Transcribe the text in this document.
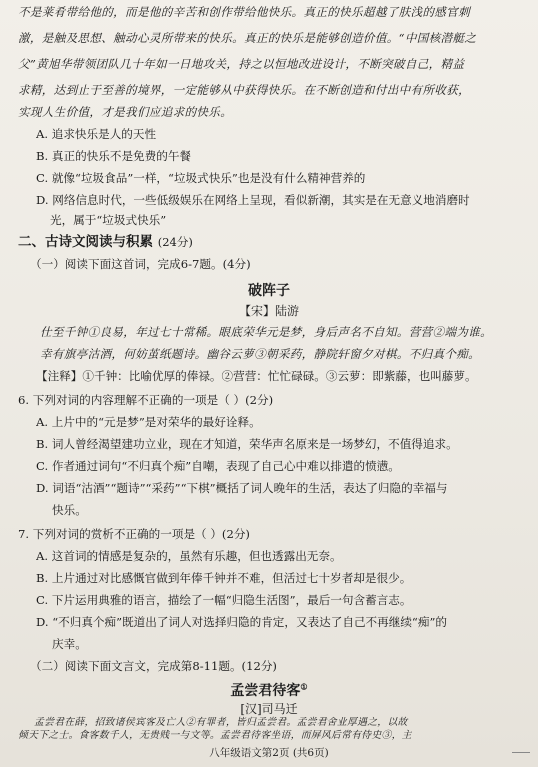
不是莱肴带给他的，而是他的辛苦和创作带给他快乐。真正的快乐超越了肤浅的感官刺
激，是触及思想、触动心灵所带来的快乐。真正的快乐是能够创造价值。“中国核潜艇之
父”黄旭华带领团队几十年如一日地攻关，持之以恒地改进设计，不断突破自己，精益
求精，达到止于至善的境界，一定能够从中获得快乐。在不断创造和付出中有所收获，
实现人生价值，才是我们应追求的快乐。
A. 追求快乐是人的天性
B. 真正的快乐不是免费的午餐
C. 就像“垃圾食品”一样，“垃圾式快乐”也是没有什么精神营养的
D. 网络信息时代，一些低级娱乐在网络上呈现，看似新潮，其实是在无意义地消磨时
光，属于“垃圾式快乐”
二、古诗文阅读与积累 (24分)
（一）阅读下面这首词，完成6-7题。(4分)
破阵子
【宋】陆游
仕至千钟①良易，年过七十常稀。眼底荣华元是梦，身后声名不自知。营营②端为谁。
幸有旗亭沽酒，何妨茧纸题诗。幽谷云萝③朝采药，静院轩窗夕对棋。不归真个痴。
【注释】①千钟：比喻优厚的俸禄。②营营：忙忙碌碌。③云萝：即紫藤，也叫藤萝。
6. 下列对词的内容理解不正确的一项是（ ）(2分)
A. 上片中的“元是梦”是对荣华的最好诠释。
B. 词人曾经渴望建功立业，现在才知道，荣华声名原来是一场梦幻，不值得追求。
C. 作者通过词句“不归真个痴”自嘲，表现了自己心中难以排遣的愤懑。
D. 词语“沽酒”“题诗”“采药”“下棋”概括了词人晚年的生活，表达了归隐的幸福与
快乐。
7. 下列对词的赏析不正确的一项是（ ）(2分)
A. 这首词的情感是复杂的，虽然有乐趣，但也透露出无奈。
B. 上片通过对比感慨官做到年俸千钟并不难，但活过七十岁者却是很少。
C. 下片运用典雅的语言，描绘了一幅“归隐生活图”，最后一句含蓄言志。
D. “不归真个痴”既道出了词人对选择归隐的肯定，又表达了自己不再继续“痴”的
庆幸。
（二）阅读下面文言文，完成第8-11题。(12分)
孟尝君待客①
[汉]司马迁
孟尝君在薛，招致诸侯宾客及亡人②有罪者，皆归孟尝君。孟尝君舍业厚遇之，以故
倾天下之士。食客数千人，无贵贱一与文等。孟尝君待客坐语，而屏风后常有侍史③，主
八年级语文第2页 (共6页)
